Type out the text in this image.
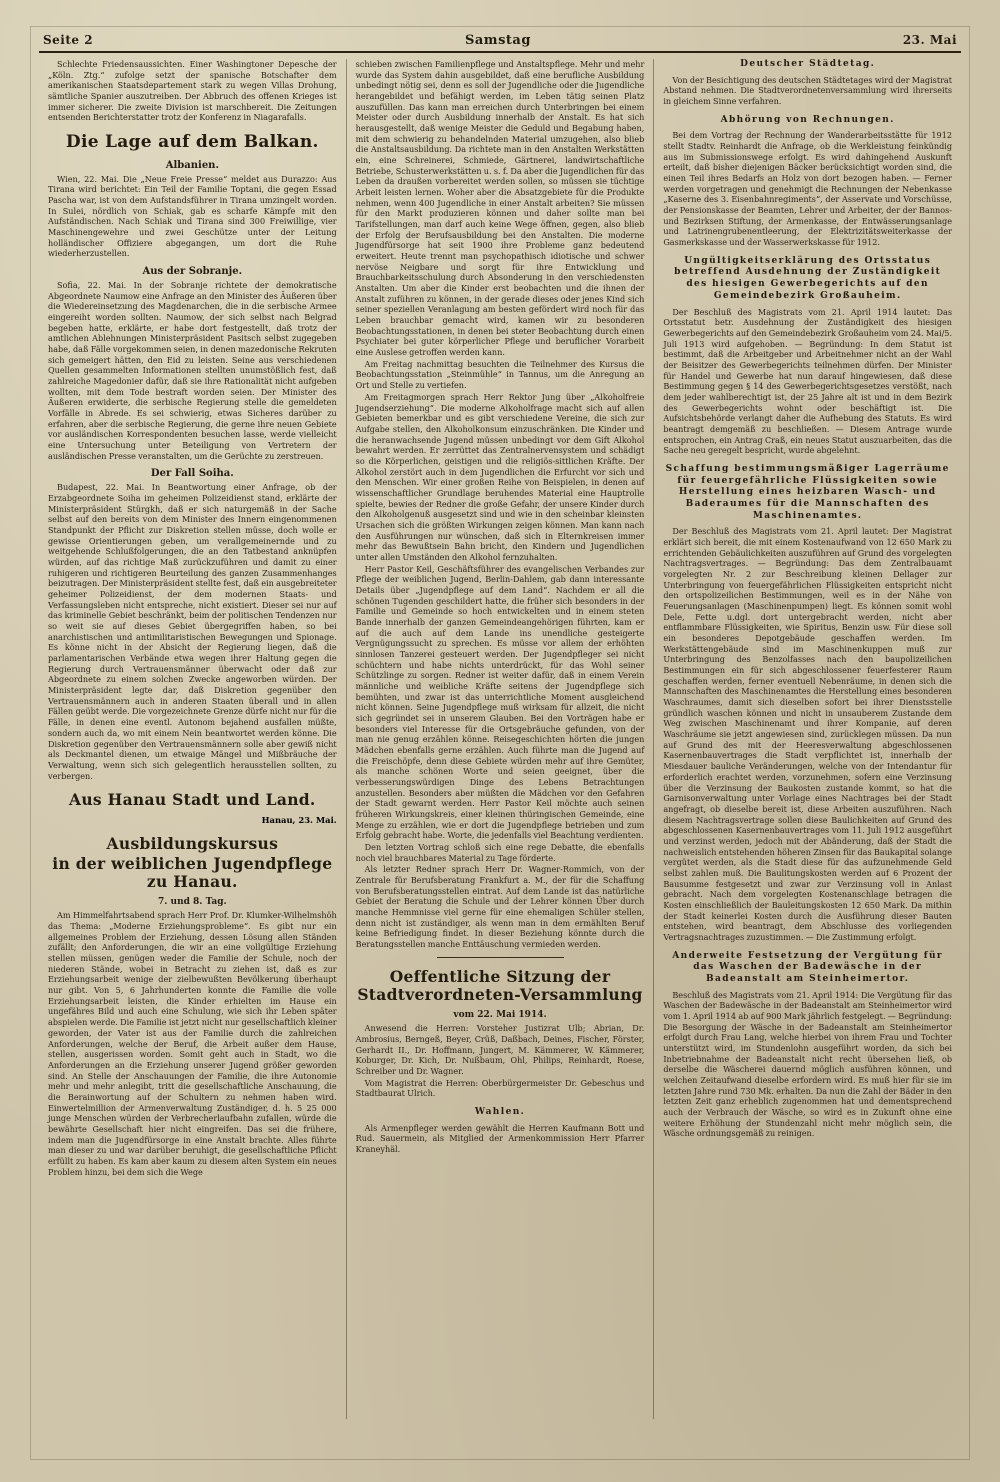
Seite 2	Samstag	23. Mai

Schlechte Friedensaussichten. Einer Washingtoner Depesche der „Köln. Ztg.“ zufolge setzt der spanische Botschafter dem amerikanischen Staatsdepartement stark zu wegen Villas Drohung, sämtliche Spanier auszutreiben. Der Abbruch des offenen Krieges ist immer sicherer. Die zweite Division ist marschbereit. Die Zeitungen entsenden Berichterstatter trotz der Konferenz in Niagarafalls.

Die Lage auf dem Balkan.
Albanien.

Wien, 22. Mai. Die „Neue Freie Presse“ meldet aus Durazzo: Aus Tirana wird berichtet: Ein Teil der Familie Toptani, die gegen Essad Pascha war, ist von dem Aufstandsführer in Tirana umzingelt worden. In Sulei, nördlich von Schiak, gab es scharfe Kämpfe mit den Aufständischen. Nach Schiak und Tirana sind 300 Freiwillige, vier Maschinengewehre und zwei Geschütze unter der Leitung holländischer Offiziere abgegangen, um dort die Ruhe wiederherzustellen.

Aus der Sobranje.

Sofia, 22. Mai. In der Sobranje richtete der demokratische Abgeordnete Naumow eine Anfrage an den Minister des Äußeren über die Wiedereinsetzung des Magdenarchen, die in die serbische Armee eingereiht worden sollten. Naumow, der sich selbst nach Belgrad begeben hatte, erklärte, er habe dort festgestellt, daß trotz der amtlichen Ablehnungen Ministerpräsident Pasitsch selbst zugegeben habe, daß Fälle vorgekommen seien, in denen mazedonische Rekruten sich gemeigert hätten, den Eid zu leisten. Seine aus verschiedenen Quellen gesammelten Informationen stellten unumstößlich fest, daß zahlreiche Magedonier dafür, daß sie ihre Rationalität nicht aufgeben wollten, mit dem Tode bestraft worden seien. Der Minister des Äußeren erwiderte, die serbische Regierung stelle die gemeldeten Vorfälle in Abrede. Es sei schwierig, etwas Sicheres darüber zu erfahren, aber die serbische Regierung, die gerne ihre neuen Gebiete vor ausländischen Korrespondenten besuchen lasse, werde vielleicht eine Untersuchung unter Beteiligung von Vertretern der ausländischen Presse veranstalten, um die Gerüchte zu zerstreuen.

Der Fall Soiha.

Budapest, 22. Mai. In Beantwortung einer Anfrage, ob der Erzabgeordnete Soiha im geheimen Polizeidienst stand, erklärte der Ministerpräsident Stürgkh, daß er sich naturgemäß in der Sache selbst auf den bereits von dem Minister des Innern eingenommenen Standpunkt der Pflicht zur Diskretion stellen müsse, doch wolle er gewisse Orientierungen geben, um verallgemeinernde und zu weitgehende Schlußfolgerungen, die an den Tatbestand anknüpfen würden, auf das richtige Maß zurückzuführen und damit zu einer ruhigeren und richtigeren Beurteilung des ganzen Zusammenhanges beizutragen. Der Ministerpräsident stellte fest, daß ein ausgebreiteter geheimer Polizeidienst, der dem modernen Staats- und Verfassungsleben nicht entspreche, nicht existiert. Dieser sei nur auf das kriminelle Gebiet beschränkt, beim der politischen Tendenzen nur so weit sie auf dieses Gebiet übergegriffen haben, so bei anarchistischen und antimilitaristischen Bewegungen und Spionage. Es könne nicht in der Absicht der Regierung liegen, daß die parlamentarischen Verbände etwa wegen ihrer Haltung gegen die Regierung durch Vertrauensmänner überwacht oder daß zur Abgeordnete zu einem solchen Zwecke angeworben würden. Der Ministerpräsident legte dar, daß Diskretion gegenüber den Vertrauensmännern auch in anderen Staaten überall und in allen Fällen geübt werde. Die vorgezeichnete Grenze dürfe nicht nur für die Fälle, in denen eine eventl. Autonom bejahend ausfallen müßte, sondern auch da, wo mit einem Nein beantwortet werden könne. Die Diskretion gegenüber den Vertrauensmännern solle aber gewiß nicht als Deckmantel dienen, um etwaige Mängel und Mißbräuche der Verwaltung, wenn sich sich gelegentlich herausstellen sollten, zu verbergen.

Aus Hanau Stadt und Land.
Hanau, 23. Mai.
Ausbildungskursus
in der weiblichen Jugendpflege zu Hanau.
7. und 8. Tag.

Am Himmelfahrtsabend sprach Herr Prof. Dr. Klumker-Wilhelmshöh das Thema: „Moderne Erziehungsprobleme“. Es gibt nur ein allgemeines Problem der Erziehung, dessen Lösung allen Ständen zufällt; den Anforderungen, die wir an eine vollgültige Erziehung stellen müssen, genügen weder die Familie der Schule, noch der niederen Stände, wobei in Betracht zu ziehen ist, daß es zur Erziehungsarbeit wenige der zielbewußten Bevölkerung überhaupt nur gibt. Von 5, 6 Jahrhunderten konnte die Familie die volle Erziehungsarbeit leisten, die Kinder erhielten im Hause ein ungefähres Bild und auch eine Schulung, wie sich ihr Leben später abspielen werde. Die Familie ist jetzt nicht nur gesellschaftlich kleiner geworden, der Vater ist aus der Familie durch die zahlreichen Anforderungen, welche der Beruf, die Arbeit außer dem Hause, stellen, ausgerissen worden. Somit geht auch in Stadt, wo die Anforderungen an die Erziehung unserer Jugend größer geworden sind. An Stelle der Anschauungen der Familie, die ihre Autonomie mehr und mehr anlegibt, tritt die gesellschaftliche Anschauung, die die Berainwortung auf der Schultern zu nehmen haben wird. Einwertelmillion der Armenverwaltung Zuständiger, d. h. 5 25 000 junge Menschen würden der Verbrecherlaufbahn zufallen, würde die bewährte Gesellschaft hier nicht eingreifen. Das sei die frühere, indem man die Jugendfürsorge in eine Anstalt brachte. Alles führte man dieser zu und war darüber beruhigt, die gesellschaftliche Pflicht erfüllt zu haben. Es kam aber kaum zu diesem alten System ein neues Problem hinzu, bei dem sich die Wege

schieben zwischen Familienpflege und Anstaltspflege. Mehr und mehr wurde das System dahin ausgebildet, daß eine berufliche Ausbildung unbedingt nötig sei, denn es soll der Jugendliche oder die Jugendliche herangebildet und befähigt werden, im Leben tätig seinen Platz auszufüllen. Das kann man erreichen durch Unterbringen bei einem Meister oder durch Ausbildung innerhalb der Anstalt. Es hat sich herausgestellt, daß wenige Meister die Geduld und Begabung haben, mit dem schwierig zu behandelnden Material umzugehen, also blieb die Anstaltsausbildung. Da richtete man in den Anstalten Werkstätten ein, eine Schreinerei, Schmiede, Gärtnerei, landwirtschaftliche Betriebe, Schusterwerkstätten u. s. f. Da aber die Jugendlichen für das Leben da draußen vorbereitet werden sollen, so müssen sie tüchtige Arbeit leisten lernen. Woher aber die Absatzgebiete für die Produkte nehmen, wenn 400 Jugendliche in einer Anstalt arbeiten? Sie müssen für den Markt produzieren können und daher sollte man bei Tarifstellungen, man darf auch keine Wege öffnen, gegen, also blieb der Erfolg der Berufsausbildung bei den Anstalten. Die moderne Jugendfürsorge hat seit 1900 ihre Probleme ganz bedeutend erweitert. Heute trennt man psychopathisch idiotische und schwer nervöse Neigbare und sorgt für ihre Entwicklung und Brauchbarkeitsschulung durch Absonderung in den verschiedensten Anstalten. Um aber die Kinder erst beobachten und die ihnen der Anstalt zuführen zu können, in der gerade dieses oder jenes Kind sich seiner speziellen Veranlagung am besten gefördert wird noch für das Leben brauchbar gemacht wird, kamen wir zu besonderen Beobachtungsstationen, in denen bei steter Beobachtung durch einen Psychiater bei guter körperlicher Pflege und beruflicher Vorarbeit eine Auslese getroffen werden kann.

Am Freitag nachmittag besuchten die Teilnehmer des Kursus die Beobachtungsstation „Steinmühle“ in Tannus, um die Anregung an Ort und Stelle zu vertiefen.

Am Freitagmorgen sprach Herr Rektor Jung über „Alkoholfreie Jugendserziehung“. Die moderne Alkoholfrage macht sich auf allen Gebieten bemerkbar und es gibt verschiedene Vereine, die sich zur Aufgabe stellen, den Alkoholkonsum einzuschränken. Die Kinder und die heranwachsende Jugend müssen unbedingt vor dem Gift Alkohol bewahrt werden. Er zerrüttet das Zentralnervensystem und schädigt so die Körperlichen, geistigen und die religiös-sittlichen Kräfte. Der Alkohol zerstört auch in dem Jugendlichen die Erfurcht vor sich und den Menschen. Wir einer großen Reihe von Beispielen, in denen auf wissenschaftlicher Grundlage beruhendes Material eine Hauptrolle spielte, bewies der Redner die große Gefahr, der unsere Kinder durch den Alkoholgenuß ausgesetzt sind und wie in den scheinbar kleinsten Ursachen sich die größten Wirkungen zeigen können. Man kann nach den Ausführungen nur wünschen, daß sich in Elternkreisen immer mehr das Bewußtsein Bahn bricht, den Kindern und Jugendlichen unter allen Umständen den Alkohol fernzuhalten.

Herr Pastor Keil, Geschäftsführer des evangelischen Verbandes zur Pflege der weiblichen Jugend, Berlin-Dahlem, gab dann interessante Details über „Jugendpflege auf dem Land“. Nachdem er all die schönen Tugenden geschildert hatte, die früher sich besonders in der Familie und Gemeinde so hoch entwickelten und in einem steten Bande innerhalb der ganzen Gemeindeangehörigen führten, kam er auf die auch auf dem Lande ins unendliche gesteigerte Vergnügungssucht zu sprechen. Es müsse vor allem der erhöhten sinnlosen Tanzerei gesteuert werden. Der Jugendpfleger sei nicht schüchtern und habe nichts unterdrückt, für das Wohl seiner Schützlinge zu sorgen. Redner ist weiter dafür, daß in einem Verein männliche und weibliche Kräfte seitens der Jugendpflege sich bemühten, und zwar ist das unterrichtliche Moment ausgleichend nicht können. Seine Jugendpflege muß wirksam für allzeit, die nicht sich gegründet sei in unserem Glauben. Bei den Vorträgen habe er besonders viel Interesse für die Ortsgebräuche gefunden, von der man nie genug erzählen könne. Reisegeschichten hörten die jungen Mädchen ebenfalls gerne erzählen. Auch führte man die Jugend auf die Freischöpfe, denn diese Gebiete würden mehr auf ihre Gemüter, als manche schönen Worte und seien geeignet, über die verbesserungswürdigen Dinge des Lebens Betrachtungen anzustellen. Besonders aber müßten die Mädchen vor den Gefahren der Stadt gewarnt werden. Herr Pastor Keil möchte auch seinen früheren Wirkungskreis, einer kleinen thüringischen Gemeinde, eine Menge zu erzählen, wie er dort die Jugendpflege betrieben und zum Erfolg gebracht habe. Worte, die jedenfalls viel Beachtung verdienten.

Den letzten Vortrag schloß sich eine rege Debatte, die ebenfalls noch viel brauchbares Material zu Tage förderte.

Als letzter Redner sprach Herr Dr. Wagner-Rommich, von der Zentrale für Berufsberatung Frankfurt a. M., der für die Schaffung von Berufsberatungsstellen eintrat. Auf dem Lande ist das natürliche Gebiet der Beratung die Schule und der Lehrer können Über durch manche Hemmnisse viel gerne für eine ehemaligen Schüler stellen, denn nicht ist zuständiger, als wenn man in dem ermählten Beruf keine Befriedigung findet. In dieser Beziehung könnte durch die Beratungsstellen manche Enttäuschung vermieden werden.

Oeffentliche Sitzung der Stadtverordneten-Versammlung
vom 22. Mai 1914.

Anwesend die Herren: Vorsteher Justizrat Ulb; Abrian, Dr. Ambrosius, Berngeß, Beyer, Crüß, Daßbach, Deines, Fischer, Förster, Gerhardt II., Dr. Hoffmann, Jungert, M. Kämmerer, W. Kämmerer, Koburger, Dr. Kich, Dr. Nußbaum, Ohl, Philips, Reinhardt, Roese, Schreiber und Dr. Wagner.

Vom Magistrat die Herren: Oberbürgermeister Dr. Gebeschus und Stadtbaurat Ulrich.

Wahlen.

Als Armenpfleger werden gewählt die Herren Kaufmann Bott und Rud. Sauermein, als Mitglied der Armenkommission Herr Pfarrer Kraneyhäl.

Deutscher Städtetag.

Von der Besichtigung des deutschen Städtetages wird der Magistrat Abstand nehmen. Die Stadtverordnetenversammlung wird ihrerseits in gleichem Sinne verfahren.

Abhörung von Rechnungen.

Bei dem Vortrag der Rechnung der Wanderarbeitsstätte für 1912 stellt Stadtv. Reinhardt die Anfrage, ob die Werkleistung feinkündig aus im Submissionswege erfolgt. Es wird dahingehend Auskunft erteilt, daß bisher diejenigen Bäcker berücksichtigt worden sind, die einen Teil ihres Bedarfs an Holz von dort bezogen haben. — Ferner werden vorgetragen und genehmigt die Rechnungen der Nebenkasse „Kaserne des 3. Eisenbahnregiments“, der Asservate und Vorschüsse, der Pensionskasse der Beamten, Lehrer und Arbeiter, der der Bannos- und Bezirksen Stiftung, der Armenkasse, der Entwässerungsanlage und Latrinengrubenentleerung, der Elektrizitätsweiterkasse der Gasmerkskasse und der Wasserwerkskasse für 1912.

Ungültigkeitserklärung des Ortsstatus betreffend Ausdehnung der Zuständigkeit des hiesigen Gewerbegerichts auf den Gemeindebezirk Großauheim.

Der Beschluß des Magistrats vom 21. April 1914 lautet: Das Ortsstatut betr. Ausdehnung der Zuständigkeit des hiesigen Gewerbegerichts auf den Gemeindebezirk Großauheim vom 24. Mai/5. Juli 1913 wird aufgehoben. — Begründung: In dem Statut ist bestimmt, daß die Arbeitgeber und Arbeitnehmer nicht an der Wahl der Beisitzer des Gewerbegerichts teilnehmen dürfen. Der Minister für Handel und Gewerbe hat nun darauf hingewiesen, daß diese Bestimmung gegen § 14 des Gewerbegerichtsgesetzes verstößt, nach dem jeder wahlberechtigt ist, der 25 Jahre alt ist und in dem Bezirk des Gewerbegerichts wohnt oder beschäftigt ist. Die Aufsichtsbehörde verlangt daher die Aufhebung des Statuts. Es wird beantragt demgemäß zu beschließen. — Diesem Antrage wurde entsprochen, ein Antrag Craß, ein neues Statut auszuarbeiten, das die Sache neu geregelt bespricht, wurde abgelehnt.

Schaffung bestimmungsmäßiger Lagerräume für feuergefährliche Flüssigkeiten sowie Herstellung eines heizbaren Wasch- und Baderaumes für die Mannschaften des Maschinenamtes.

Der Beschluß des Magistrats vom 21. April lautet: Der Magistrat erklärt sich bereit, die mit einem Kostenaufwand von 12 650 Mark zu errichtenden Gebäulichkeiten auszuführen auf Grund des vorgelegten Nachtragsvertrages. — Begründung: Das dem Zentralbauamt vorgelegten Nr. 2 zur Beschreibung kleinen Dellager zur Unterbringung von feuergefährlichen Flüssigkeiten entspricht nicht den ortspolizeilichen Bestimmungen, weil es in der Nähe von Feuerungsanlagen (Maschinenpumpen) liegt. Es können somit wohl Dele, Fette u.dgl. dort untergebracht werden, nicht aber entflammbare Flüssigkeiten, wie Spiritus, Benzin usw. Für diese soll ein besonderes Depotgebäude geschaffen werden. Im Werkstättengebäude sind im Maschinenkuppen muß zur Unterbringung des Benzolfasses nach den baupolizeilichen Bestimmungen ein für sich abgeschlossener feuerfesterer Raum geschaffen werden, ferner eventuell Nebenräume, in denen sich die Mannschaften des Maschinenamtes die Herstellung eines besonderen Waschraumes, damit sich dieselben sofort bei ihrer Dienstsstelle gründlich waschen können und nicht in unsauberem Zustande dem Weg zwischen Maschinenamt und ihrer Kompanie, auf deren Waschräume sie jetzt angewiesen sind, zurücklegen müssen. Da nun auf Grund des mit der Heeresverwaltung abgeschlossenen Kasernenbauvertrages die Stadt verpflichtet ist, innerhalb der Miesdauer bauliche Veränderungen, welche von der Intendantur für erforderlich erachtet werden, vorzunehmen, sofern eine Verzinsung über die Verzinsung der Baukosten zustande kommt, so hat die Garnisonverwaltung unter Vorlage eines Nachtrages bei der Stadt angefragt, ob dieselbe bereit ist, diese Arbeiten auszuführen. Nach diesem Nachtragsvertrage sollen diese Baulichkeiten auf Grund des abgeschlossenen Kasernenbauvertrages vom 11. Juli 1912 ausgeführt und verzinst werden, jedoch mit der Abänderung, daß der Stadt die nachweislich entstehenden höheren Zinsen für das Baukapital solange vergütet werden, als die Stadt diese für das aufzunehmende Geld selbst zahlen muß. Die Baulitungskosten werden auf 6 Prozent der Bausumme festgesetzt und zwar zur Verzinsung voll in Anlast gebracht. Nach dem vorgelegten Kostenanschlage betragen die Kosten einschließlich der Bauleitungskosten 12 650 Mark. Da mithin der Stadt keinerlei Kosten durch die Ausführung dieser Bauten entstehen, wird beantragt, dem Abschlusse des vorliegenden Vertragsnachtrages zuzustimmen. — Die Zustimmung erfolgt.

Anderweite Festsetzung der Vergütung für das Waschen der Badewäsche in der Badeanstalt am Steinheimertor.

Beschluß des Magistrats vom 21. April 1914: Die Vergütung für das Waschen der Badewäsche in der Badeanstalt am Steinheimertor wird vom 1. April 1914 ab auf 900 Mark jährlich festgelegt. — Begründung: Die Besorgung der Wäsche in der Badeanstalt am Steinheimertor erfolgt durch Frau Lang, welche hierbei von ihrem Frau und Tochter unterstützt wird, im Stundenlohn ausgeführt worden, da sich bei Inbetriebnahme der Badeanstalt nicht recht übersehen ließ, ob derselbe die Wäscherei dauernd möglich ausführen können, und welchen Zeitaufwand dieselbe erfordern wird. Es muß hier für sie im letzten Jahre rund 730 Mk. erhalten. Da nun die Zahl der Bäder in den letzten Zeit ganz erheblich zugenommen hat und dementsprechend auch der Verbrauch der Wäsche, so wird es in Zukunft ohne eine weitere Erhöhung der Stundenzahl nicht mehr möglich sein, die Wäsche ordnungsgemäß zu reinigen.
